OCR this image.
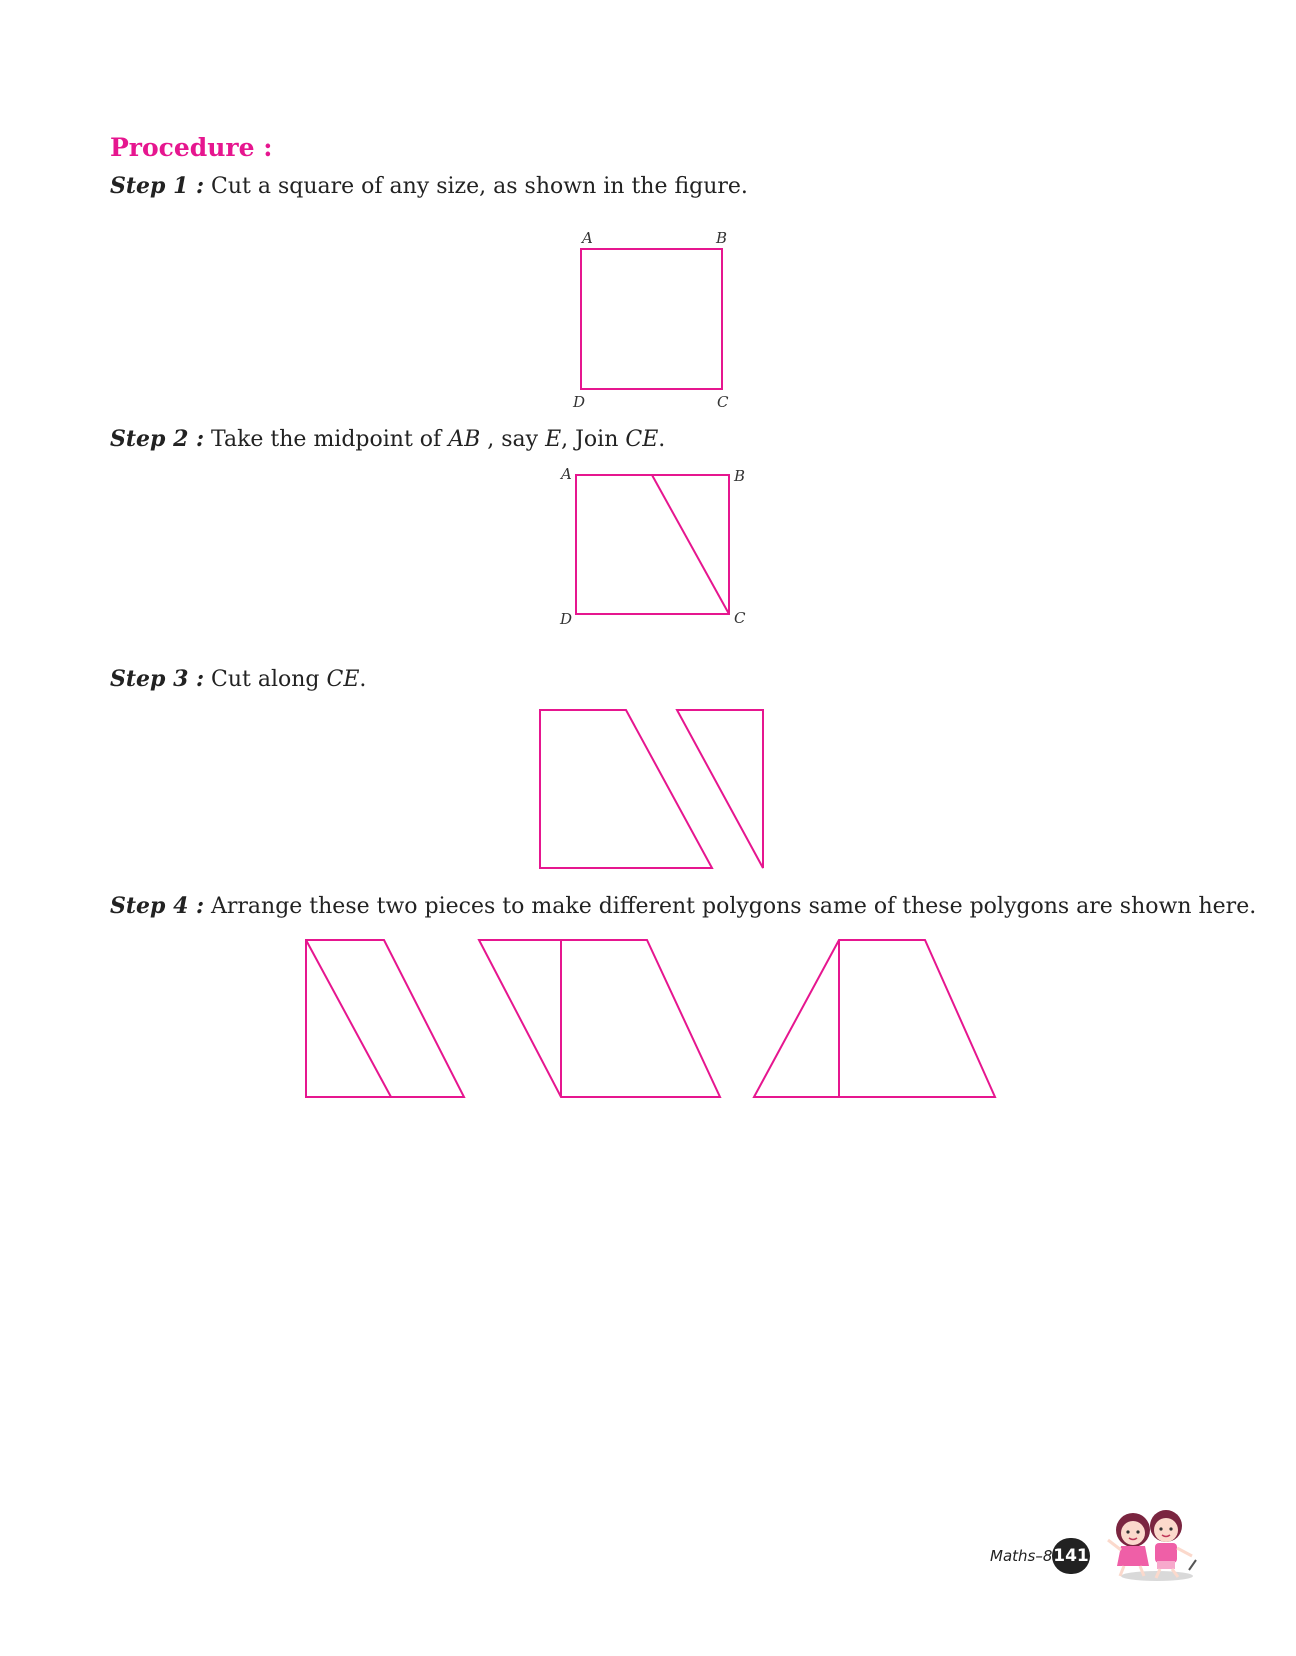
Procedure :
Step 1 : Cut a square of any size, as shown in the figure.
Step 2 : Take the midpoint of AB , say E, Join CE.
Step 3 : Cut along CE.
Step 4 : Arrange these two pieces to make different polygons same of these polygons are shown here.
A	B
C
D
A	B
C
D
Maths–8 141
